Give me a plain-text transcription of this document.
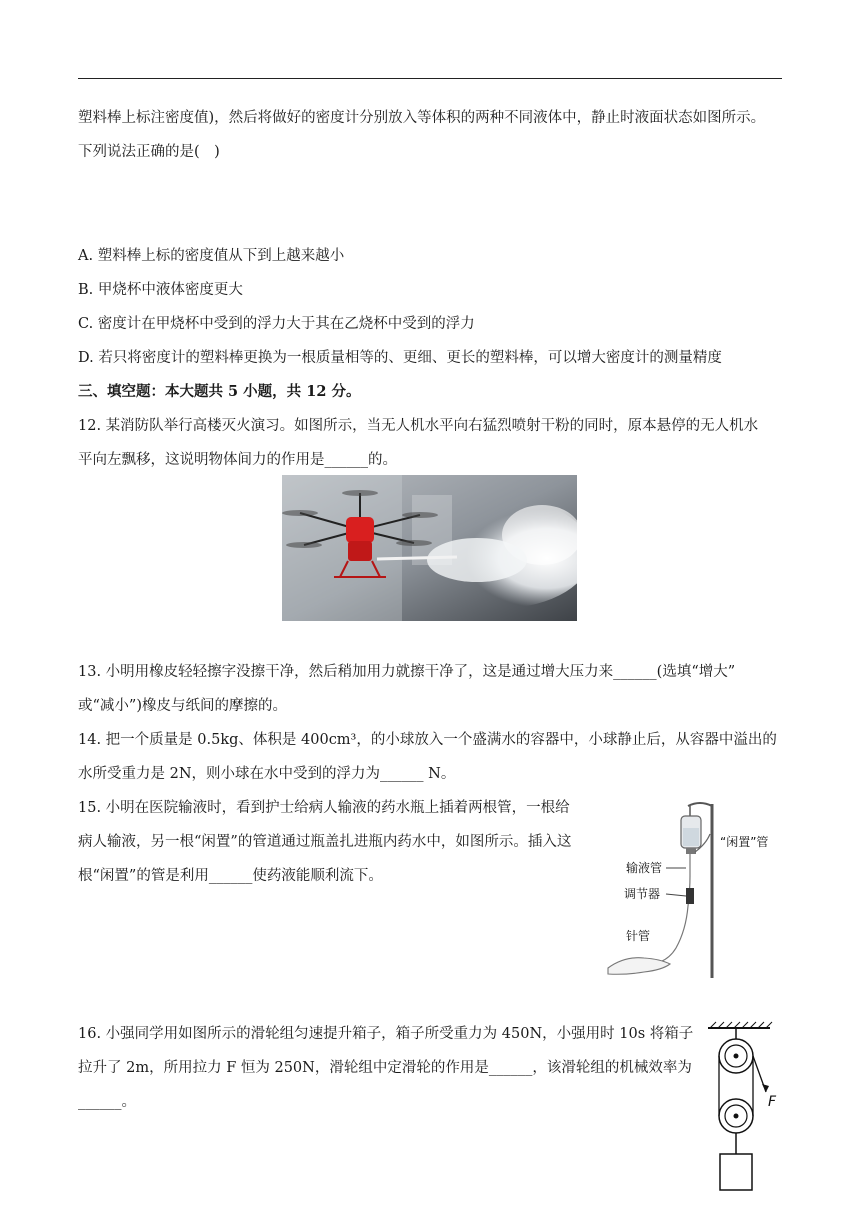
塑料棒上标注密度值)，然后将做好的密度计分别放入等体积的两种不同液体中，静止时液面状态如图所示。
下列说法正确的是(　)
A. 塑料棒上标的密度值从下到上越来越小
B. 甲烧杯中液体密度更大
C. 密度计在甲烧杯中受到的浮力大于其在乙烧杯中受到的浮力
D. 若只将密度计的塑料棒更换为一根质量相等的、更细、更长的塑料棒，可以增大密度计的测量精度
三、填空题：本大题共 5 小题，共 12 分。
12. 某消防队举行高楼灭火演习。如图所示，当无人机水平向右猛烈喷射干粉的同时，原本悬停的无人机水
平向左飘移，这说明物体间力的作用是______的。
13. 小明用橡皮轻轻擦字没擦干净，然后稍加用力就擦干净了，这是通过增大压力来______(选填“增大”
或“减小”)橡皮与纸间的摩擦的。
14. 把一个质量是 0.5kg、体积是 400cm³，的小球放入一个盛满水的容器中，小球静止后，从容器中溢出的
水所受重力是 2N，则小球在水中受到的浮力为______ N。
15. 小明在医院输液时，看到护士给病人输液的药水瓶上插着两根管，一根给
病人输液，另一根“闲置”的管道通过瓶盖扎进瓶内药水中，如图所示。插入这
根“闲置”的管是利用______使药液能顺利流下。
“闲置”管
输液管
调节器
针管
16. 小强同学用如图所示的滑轮组匀速提升箱子，箱子所受重力为 450N，小强用时 10s 将箱子
拉升了 2m，所用拉力 F 恒为 250N，滑轮组中定滑轮的作用是______，该滑轮组的机械效率为
______。	F
